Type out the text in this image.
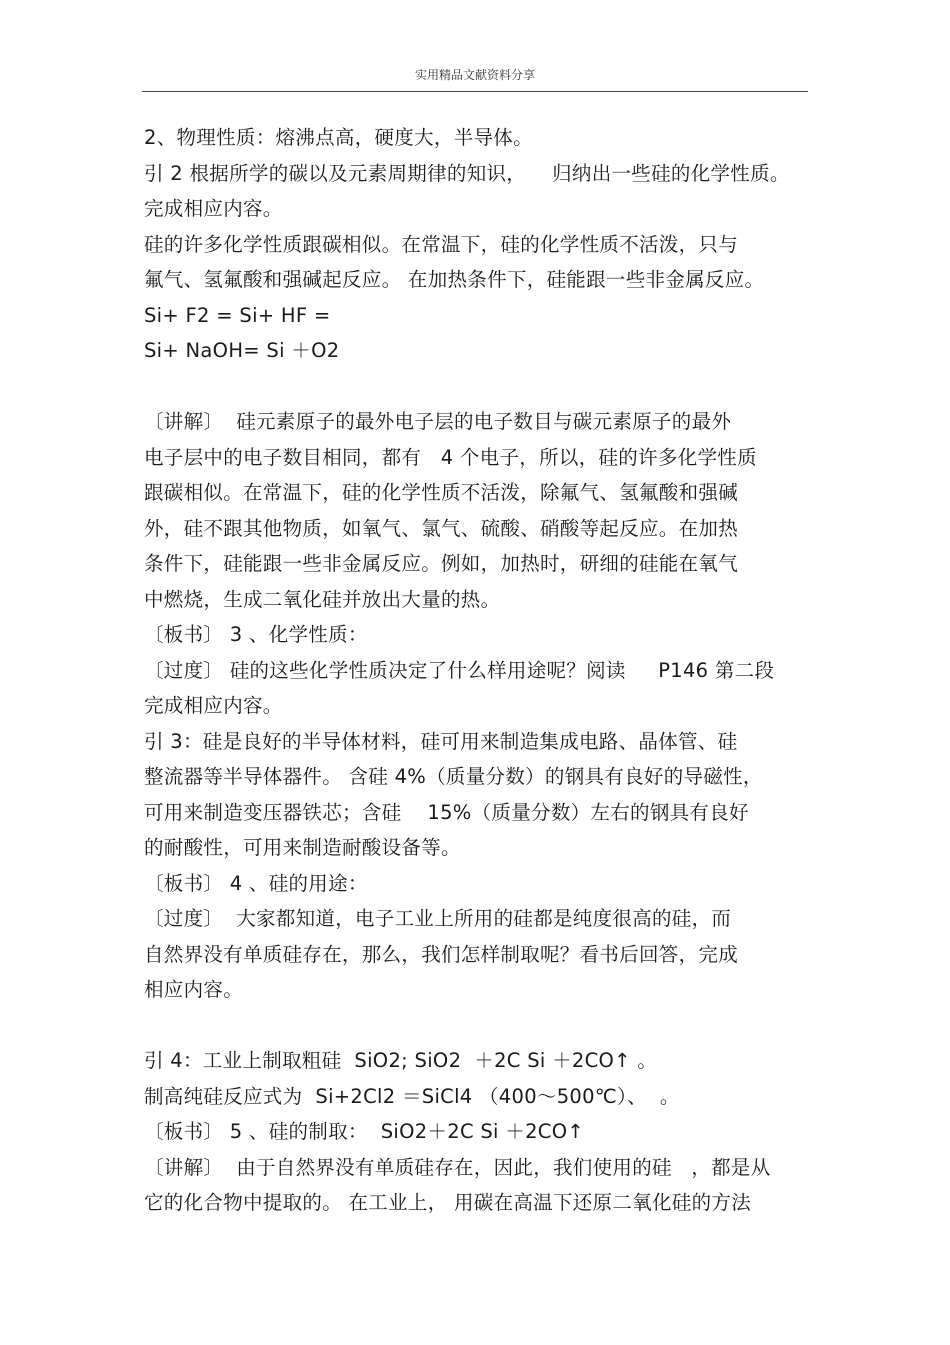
实用精品文献资料分享
2、物理性质：熔沸点高，硬度大，半导体。
引 2 根据所学的碳以及元素周期律的知识，    归纳出一些硅的化学性质。
完成相应内容。
硅的许多化学性质跟碳相似。在常温下，硅的化学性质不活泼，只与
氟气、氢氟酸和强碱起反应。 在加热条件下，硅能跟一些非金属反应。
Si+ F2 = Si+ HF =
Si+ NaOH= Si ＋O2
〔讲解〕  硅元素原子的最外电子层的电子数目与碳元素原子的最外
电子层中的电子数目相同，都有   4 个电子，所以，硅的许多化学性质
跟碳相似。在常温下，硅的化学性质不活泼，除氟气、氢氟酸和强碱
外，硅不跟其他物质，如氧气、氯气、硫酸、硝酸等起反应。在加热
条件下，硅能跟一些非金属反应。例如，加热时，研细的硅能在氧气
中燃烧，生成二氧化硅并放出大量的热。
〔板书〕 3 、化学性质：
〔过度〕 硅的这些化学性质决定了什么样用途呢？阅读     P146 第二段
完成相应内容。
引 3：硅是良好的半导体材料，硅可用来制造集成电路、晶体管、硅
整流器等半导体器件。 含硅 4%（质量分数）的钢具有良好的导磁性，
可用来制造变压器铁芯；含硅    15%（质量分数）左右的钢具有良好
的耐酸性，可用来制造耐酸设备等。
〔板书〕 4 、硅的用途：
〔过度〕  大家都知道，电子工业上所用的硅都是纯度很高的硅，而
自然界没有单质硅存在，那么，我们怎样制取呢？看书后回答，完成
相应内容。
引 4：工业上制取粗硅  SiO2; SiO2  ＋2C Si ＋2CO↑ 。
制高纯硅反应式为  Si+2Cl2 ＝SiCl4 （400～500℃）、  。
〔板书〕 5 、硅的制取：  SiO2＋2C Si ＋2CO↑
〔讲解〕  由于自然界没有单质硅存在，因此，我们使用的硅   ，都是从
它的化合物中提取的。 在工业上， 用碳在高温下还原二氧化硅的方法
